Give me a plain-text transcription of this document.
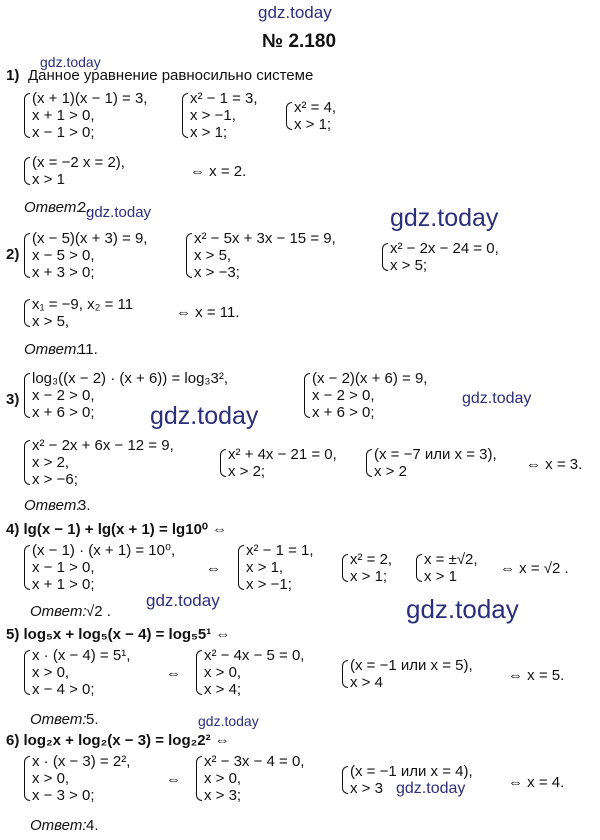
gdz.today
№ 2.180
gdz.today
1) Данное уравнение равносильно системе
(x + 1)(x − 1) = 3,
x + 1 > 0,
x − 1 > 0;
x² − 1 = 3,
x > −1,
x > 1;
x² = 4,
x > 1;
(x = −2 x = 2),
x > 1	⇔ x = 2.
Ответ:
2.
gdz.today	gdz.today
2)
(x − 5)(x + 3) = 9,
x − 5 > 0,
x + 3 > 0;
x² − 5x + 3x − 15 = 9,
x > 5,
x > −3;
x² − 2x − 24 = 0,
x > 5;
x₁ = −9, x₂ = 11
x > 5,
⇔ x = 11.
Ответ:
11.
3)
log₃((x − 2) · (x + 6)) = log₃3²,
x − 2 > 0,
x + 6 > 0;
(x − 2)(x + 6) = 9,
x − 2 > 0,
x + 6 > 0;
gdz.today
gdz.today
x² − 2x + 6x − 12 = 9,
x > 2,
x > −6;
x² + 4x − 21 = 0,
x > 2;
(x = −7 или x = 3),
x > 2	⇔ x = 3.
Ответ:
3.
4) lg(x − 1) + lg(x + 1) = lg10⁰ ⇔
(x − 1) · (x + 1) = 10⁰,
x − 1 > 0,
x + 1 > 0;
⇔
x² − 1 = 1,
x > 1,
x > −1;
x² = 2,
x > 1;
x = ±√2,
x > 1	⇔ x = √2 .
Ответ: √2 .
gdz.today	gdz.today
5) log₅x + log₅(x − 4) = log₅5¹ ⇔
x · (x − 4) = 5¹,
x > 0,
x − 4 > 0;
⇔
x² − 4x − 5 = 0,
x > 0,
x > 4;
(x = −1 или x = 5),
x > 4	⇔ x = 5.
Ответ: 5.	gdz.today
6) log₂x + log₂(x − 3) = log₂2² ⇔
x · (x − 3) = 2²,
x > 0,
x − 3 > 0;
⇔
x² − 3x − 4 = 0,
x > 0,
x > 3;
(x = −1 или x = 4),
x > 3 gdz.today	⇔ x = 4.
Ответ: 4.
